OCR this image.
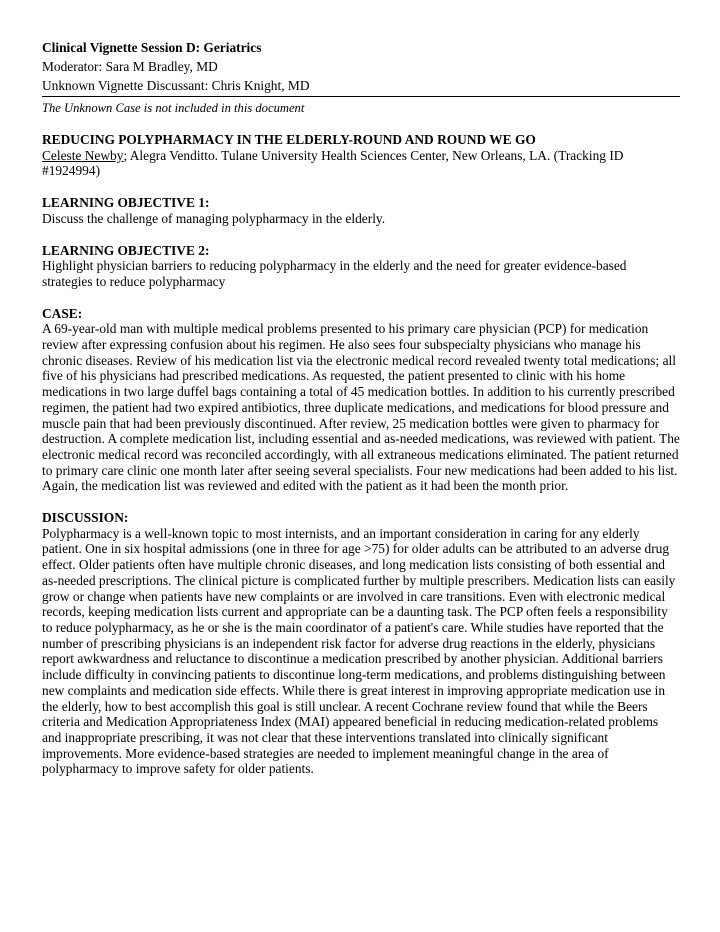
Clinical Vignette Session D: Geriatrics
Moderator: Sara M Bradley, MD
Unknown Vignette Discussant: Chris Knight, MD
The Unknown Case is not included in this document
REDUCING POLYPHARMACY IN THE ELDERLY-ROUND AND ROUND WE GO

Celeste Newby; Alegra Venditto. Tulane University Health Sciences Center, New Orleans, LA. (Tracking ID #1924994)

LEARNING OBJECTIVE 1:
Discuss the challenge of managing polypharmacy in the elderly.
LEARNING OBJECTIVE 2:
Highlight physician barriers to reducing polypharmacy in the elderly and the need for greater evidence-based strategies to reduce polypharmacy
CASE:
A 69-year-old man with multiple medical problems presented to his primary care physician (PCP) for medication review after expressing confusion about his regimen. He also sees four subspecialty physicians who manage his chronic diseases. Review of his medication list via the electronic medical record revealed twenty total medications; all five of his physicians had prescribed medications. As requested, the patient presented to clinic with his home medications in two large duffel bags containing a total of 45 medication bottles. In addition to his currently prescribed regimen, the patient had two expired antibiotics, three duplicate medications, and medications for blood pressure and muscle pain that had been previously discontinued. After review, 25 medication bottles were given to pharmacy for destruction. A complete medication list, including essential and as-needed medications, was reviewed with patient. The electronic medical record was reconciled accordingly, with all extraneous medications eliminated. The patient returned to primary care clinic one month later after seeing several specialists. Four new medications had been added to his list. Again, the medication list was reviewed and edited with the patient as it had been the month prior.
DISCUSSION:
Polypharmacy is a well-known topic to most internists, and an important consideration in caring for any elderly patient. One in six hospital admissions (one in three for age >75) for older adults can be attributed to an adverse drug effect. Older patients often have multiple chronic diseases, and long medication lists consisting of both essential and as-needed prescriptions. The clinical picture is complicated further by multiple prescribers. Medication lists can easily grow or change when patients have new complaints or are involved in care transitions. Even with electronic medical records, keeping medication lists current and appropriate can be a daunting task. The PCP often feels a responsibility to reduce polypharmacy, as he or she is the main coordinator of a patient's care. While studies have reported that the number of prescribing physicians is an independent risk factor for adverse drug reactions in the elderly, physicians report awkwardness and reluctance to discontinue a medication prescribed by another physician. Additional barriers include difficulty in convincing patients to discontinue long-term medications, and problems distinguishing between new complaints and medication side effects. While there is great interest in improving appropriate medication use in the elderly, how to best accomplish this goal is still unclear. A recent Cochrane review found that while the Beers criteria and Medication Appropriateness Index (MAI) appeared beneficial in reducing medication-related problems and inappropriate prescribing, it was not clear that these interventions translated into clinically significant improvements. More evidence-based strategies are needed to implement meaningful change in the area of polypharmacy to improve safety for older patients.
